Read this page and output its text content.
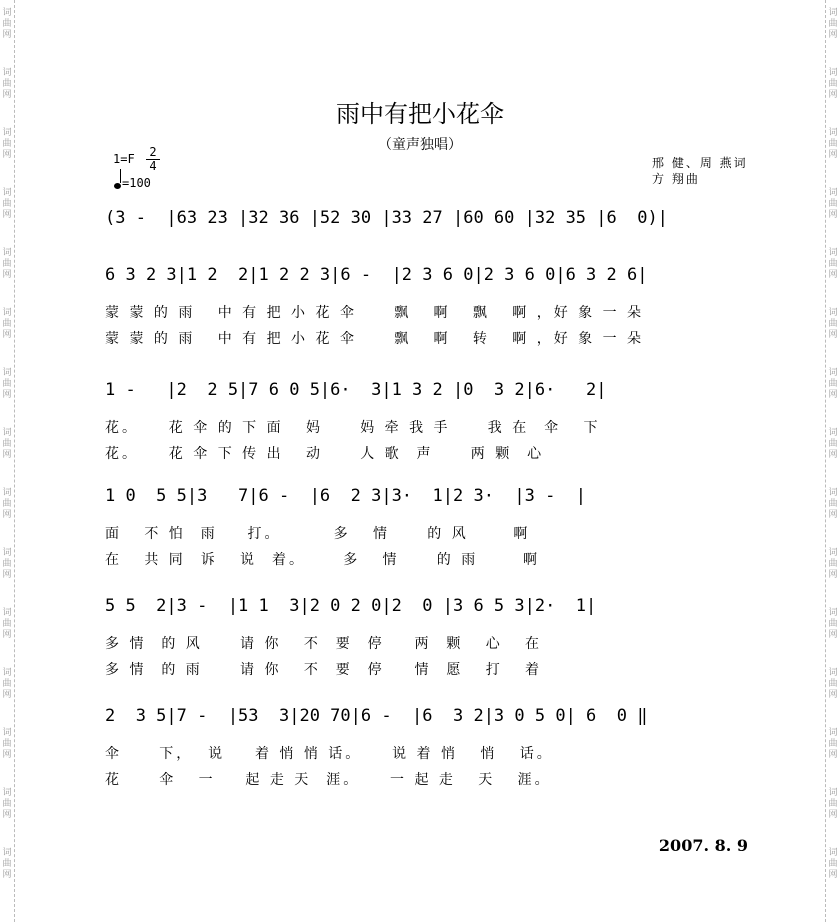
词曲网
词曲网
词曲网
词曲网
词曲网
词曲网
词曲网
词曲网
词曲网
词曲网
词曲网
词曲网
词曲网
词曲网
词曲网
词曲网
词曲网
词曲网
词曲网
词曲网
词曲网
词曲网
词曲网
词曲网
词曲网
词曲网
词曲网
词曲网
词曲网
词曲网
雨中有把小花伞
（童声独唱）
1=F 2
4
=100
邢 健、周 燕词
方 翔曲
(3 -  |63 23 |32 36 |52 30 |33 27 |60 60 |32 35 |6  0)|
6 3 2 3|1 2  2|1 2 2 3|6 -  |2 3 6 0|2 3 6 0|6 3 2 6|
蒙 蒙 的 雨   中 有 把 小 花 伞     飘   啊   飘   啊 ，好 象 一 朵
蒙 蒙 的 雨   中 有 把 小 花 伞     飘   啊   转   啊 ，好 象 一 朵
1 -   |2  2 5|7 6 0 5|6·  3|1 3 2 |0  3 2|6·   2|
花。    花 伞 的 下 面   妈     妈 牵 我 手     我 在  伞   下
花。    花 伞 下 传 出   动     人 歌  声     两 颗  心
1 0  5 5|3   7|6 -  |6  2 3|3·  1|2 3·  |3 -  |
面   不 怕  雨    打。       多   情     的 风      啊
在   共 同  诉   说  着。     多   情     的 雨      啊
5 5  2|3 -  |1 1  3|2 0 2 0|2  0 |3 6 5 3|2·  1|
多 情  的 风     请 你   不  要  停    两  颗   心   在
多 情  的 雨     请 你   不  要  停    情  愿   打   着
2  3 5|7 -  |53  3|20 70|6 -  |6  3 2|3 0 5 0| 6  0 ‖
伞     下，  说    着 悄 悄 话。    说 着 悄   悄   话。
花     伞   一    起 走 天  涯。    一 起 走   天   涯。
2007. 8. 9
